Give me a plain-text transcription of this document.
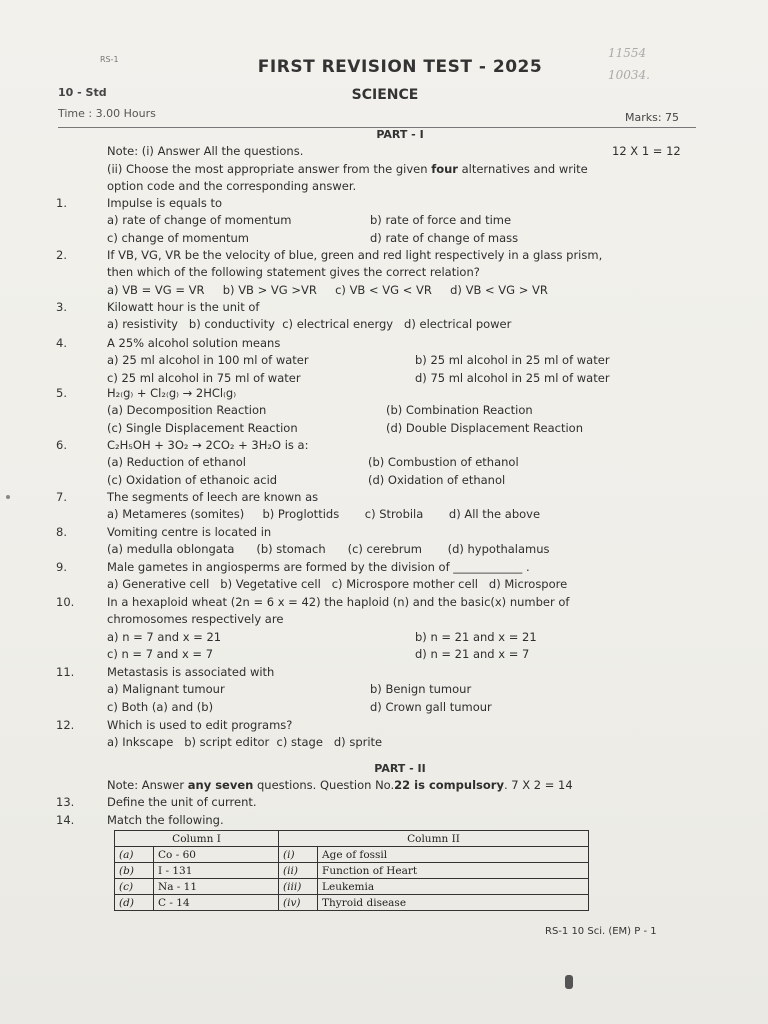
RS-1	FIRST REVISION TEST - 2025
11554
10034.
10 - Std	SCIENCE
Time : 3.00 Hours	Marks: 75
PART - I
Note: (i) Answer All the questions.	12 X 1 = 12
(ii) Choose the most appropriate answer from the given four alternatives and write
option code and the corresponding answer.
1.	Impulse is equals to
a) rate of change of momentum	b) rate of force and time
c) change of momentum	d) rate of change of mass
2.	If VB, VG, VR be the velocity of blue, green and red light respectively in a glass prism,
then which of the following statement gives the correct relation?
a) VB = VG = VR     b) VB > VG >VR     c) VB < VG < VR     d) VB < VG > VR
3.	Kilowatt hour is the unit of
a) resistivity   b) conductivity  c) electrical energy   d) electrical power
4.	A 25% alcohol solution means
a) 25 ml alcohol in 100 ml of water	b) 25 ml alcohol in 25 ml of water
c) 25 ml alcohol in 75 ml of water	d) 75 ml alcohol in 25 ml of water
5.	H₂₍g₎ + Cl₂₍g₎ → 2HCl₍g₎
(a) Decomposition Reaction	(b) Combination Reaction
(c) Single Displacement Reaction	(d) Double Displacement Reaction
6.	C₂H₅OH + 3O₂ → 2CO₂ + 3H₂O is a:
(a) Reduction of ethanol	(b) Combustion of ethanol
(c) Oxidation of ethanoic acid	(d) Oxidation of ethanol
7.	The segments of leech are known as
a) Metameres (somites)     b) Proglottids       c) Strobila       d) All the above
8.	Vomiting centre is located in
(a) medulla oblongata      (b) stomach      (c) cerebrum       (d) hypothalamus
9.	Male gametes in angiosperms are formed by the division of ____________ .
a) Generative cell   b) Vegetative cell   c) Microspore mother cell   d) Microspore
10.	In a hexaploid wheat (2n = 6 x = 42) the haploid (n) and the basic(x) number of
chromosomes respectively are
a) n = 7 and x = 21	b) n = 21 and x = 21
c) n = 7 and x = 7	d) n = 21 and x = 7
11.	Metastasis is associated with
a) Malignant tumour	b) Benign tumour
c) Both (a) and (b)	d) Crown gall tumour
12.	Which is used to edit programs?
a) Inkscape   b) script editor  c) stage   d) sprite
PART - II
Note: Answer any seven questions. Question No.22 is compulsory. 7 X 2 = 14
13.	Define the unit of current.
14.	Match the following.
Column I		Column II	
(a)	Co - 60	(i)	Age of fossil
(b)	I - 131	(ii)	Function of Heart
(c)	Na - 11	(iii)	Leukemia
(d)	C - 14	(iv)	Thyroid disease
RS-1 10 Sci. (EM) P - 1
